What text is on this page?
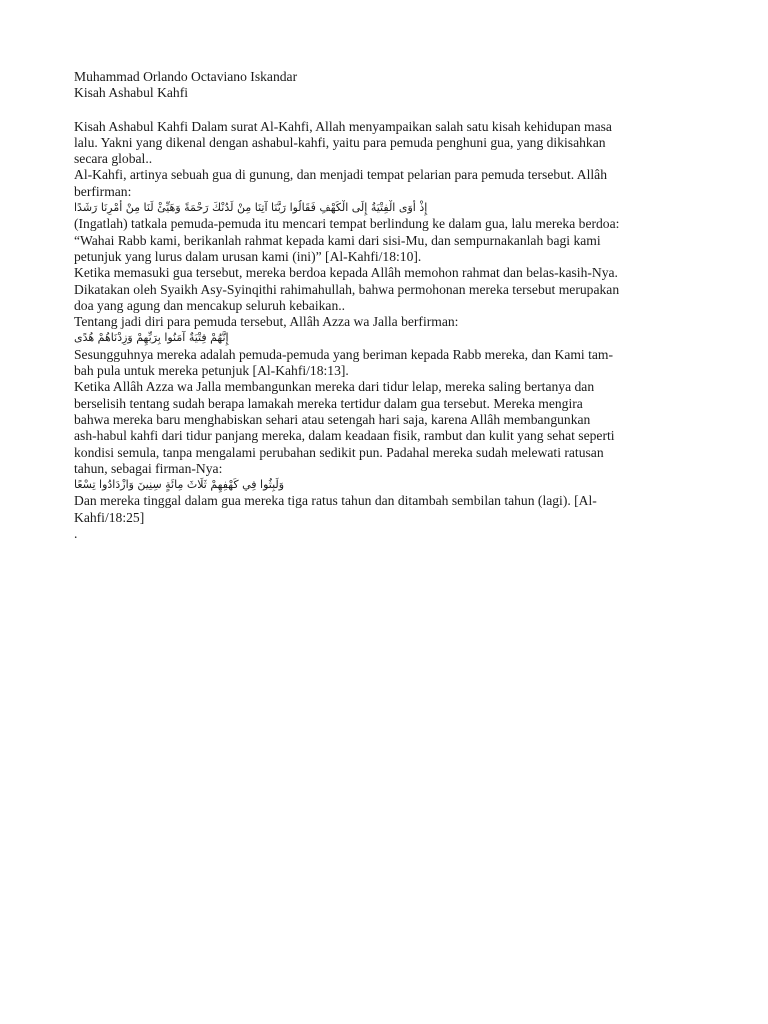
Muhammad Orlando Octaviano Iskandar
Kisah Ashabul Kahfi
Kisah Ashabul Kahfi Dalam surat Al-Kahfi, Allah menyampaikan salah satu kisah kehidupan masa
lalu. Yakni yang dikenal dengan ashabul-kahfi, yaitu para pemuda penghuni gua, yang dikisahkan
secara global..
Al-Kahfi, artinya sebuah gua di gunung, dan menjadi tempat pelarian para pemuda tersebut. Allâh
berfirman:
إِذْ أَوَى الْفِتْيَةُ إِلَى الْكَهْفِ فَقَالُوا رَبَّنَا آتِنَا مِنْ لَدُنْكَ رَحْمَةً وَهَيِّئْ لَنَا مِنْ أَمْرِنَا رَشَدًا
(Ingatlah) tatkala pemuda-pemuda itu mencari tempat berlindung ke dalam gua, lalu mereka berdoa:
“Wahai Rabb kami, berikanlah rahmat kepada kami dari sisi-Mu, dan sempurnakanlah bagi kami
petunjuk yang lurus dalam urusan kami (ini)” [Al-Kahfi/18:10].
Ketika memasuki gua tersebut, mereka berdoa kepada Allâh memohon rahmat dan belas-kasih-Nya.
Dikatakan oleh Syaikh Asy-Syinqithi rahimahullah, bahwa permohonan mereka tersebut merupakan
doa yang agung dan mencakup seluruh kebaikan..
Tentang jadi diri para pemuda tersebut, Allâh Azza wa Jalla berfirman:
إِنَّهُمْ فِتْيَةٌ آمَنُوا بِرَبِّهِمْ وَزِدْنَاهُمْ هُدًى
Sesungguhnya mereka adalah pemuda-pemuda yang beriman kepada Rabb mereka, dan Kami tam-
bah pula untuk mereka petunjuk [Al-Kahfi/18:13].
Ketika Allâh Azza wa Jalla membangunkan mereka dari tidur lelap, mereka saling bertanya dan
berselisih tentang sudah berapa lamakah mereka tertidur dalam gua tersebut. Mereka mengira
bahwa mereka baru menghabiskan sehari atau setengah hari saja, karena Allâh membangunkan
ash-habul kahfi dari tidur panjang mereka, dalam keadaan fisik, rambut dan kulit yang sehat seperti
kondisi semula, tanpa mengalami perubahan sedikit pun. Padahal mereka sudah melewati ratusan
tahun, sebagai firman-Nya:
وَلَبِثُوا فِي كَهْفِهِمْ ثَلَاثَ مِائَةٍ سِنِينَ وَازْدَادُوا تِسْعًا
Dan mereka tinggal dalam gua mereka tiga ratus tahun dan ditambah sembilan tahun (lagi). [Al-
Kahfi/18:25]
.
